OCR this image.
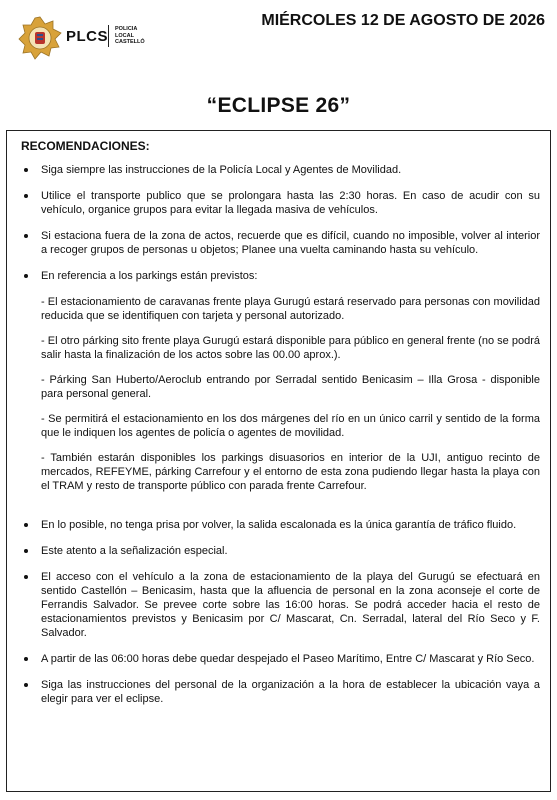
PLCS POLICIA
LOCAL
CASTELLÓ
MIÉRCOLES 12 DE AGOSTO DE 2026
“ECLIPSE 26”
RECOMENDACIONES:
Siga siempre las instrucciones de la Policía Local y Agentes de Movilidad.
Utilice el transporte publico que se prolongara hasta las 2:30 horas. En caso de acudir con su vehículo, organice grupos para evitar la llegada masiva de vehículos.
Si estaciona fuera de la zona de actos, recuerde que es difícil, cuando no imposible, volver al interior a recoger grupos de personas u objetos; Planee una vuelta caminando hasta su vehículo.
En referencia a los parkings están previstos:
- El estacionamiento de caravanas frente playa Gurugú estará reservado para personas con movilidad reducida que se identifiquen con tarjeta y personal autorizado.
- El otro párking sito frente playa Gurugú estará disponible para público en general frente (no se podrá salir hasta la finalización de los actos sobre las 00.00 aprox.).
- Párking San Huberto/Aeroclub entrando por Serradal sentido Benicasim – Illa Grosa - disponible para personal general.
- Se permitirá el estacionamiento en los dos márgenes del río en un único carril y sentido de la forma que le indiquen los agentes de policía o agentes de movilidad.
- También estarán disponibles los parkings disuasorios en interior de la UJI, antiguo recinto de mercados, REFEYME, párking Carrefour y el entorno de esta zona pudiendo llegar hasta la playa con el TRAM y resto de transporte público con parada frente Carrefour.
En lo posible, no tenga prisa por volver, la salida escalonada es la única garantía de tráfico fluido.
Este atento a la señalización especial.
El acceso con el vehículo a la zona de estacionamiento de la playa del Gurugú se efectuará en sentido Castellón – Benicasim, hasta que la afluencia de personal en la zona aconseje el corte de Ferrandis Salvador. Se prevee corte sobre las 16:00 horas. Se podrá acceder hacia el resto de estacionamientos previstos y Benicasim por C/ Mascarat, Cn. Serradal, lateral del Río Seco y F. Salvador.
A partir de las 06:00 horas debe quedar despejado el Paseo Marítimo, Entre C/ Mascarat y Río Seco.
Siga las instrucciones del personal de la organización a la hora de establecer la ubicación vaya a elegir para ver el eclipse.
